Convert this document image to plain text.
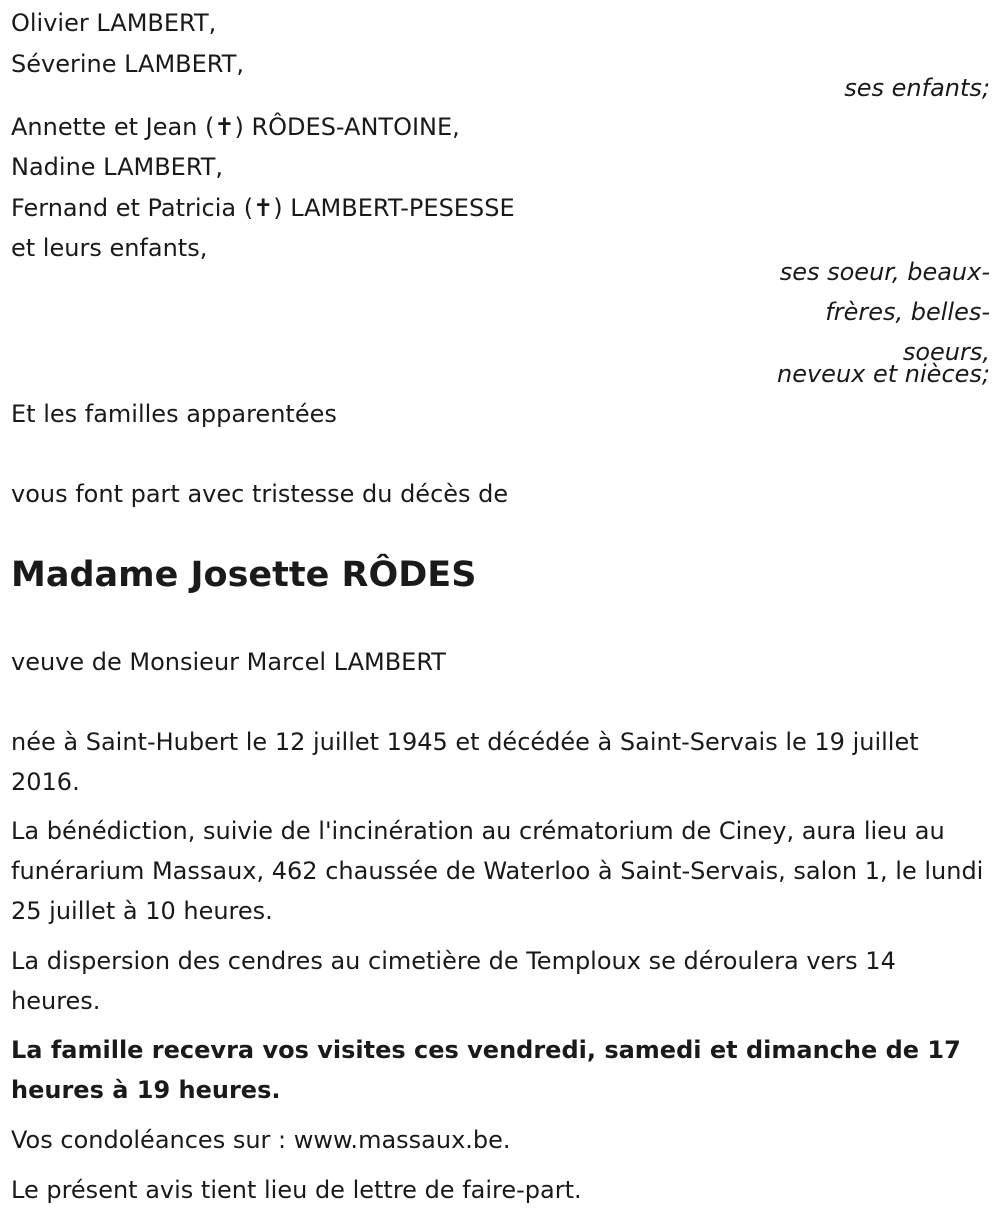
Olivier LAMBERT,
Séverine LAMBERT,
ses enfants;
Annette et Jean (✝) RÔDES-ANTOINE,
Nadine LAMBERT,
Fernand et Patricia (✝) LAMBERT-PESESSE
et leurs enfants,
ses soeur, beaux-
frères, belles-
soeurs,
neveux et nièces;
Et les familles apparentées
vous font part avec tristesse du décès de
Madame Josette RÔDES
veuve de Monsieur Marcel LAMBERT
née à Saint-Hubert le 12 juillet 1945 et décédée à Saint-Servais le 19 juillet 2016.
La bénédiction, suivie de l'incinération au crématorium de Ciney, aura lieu au funérarium Massaux, 462 chaussée de Waterloo à Saint-Servais, salon 1, le lundi 25 juillet à 10 heures.
La dispersion des cendres au cimetière de Temploux se déroulera vers 14 heures.
La famille recevra vos visites ces vendredi, samedi et dimanche de 17 heures à 19 heures.
Vos condoléances sur : www.massaux.be.
Le présent avis tient lieu de lettre de faire-part.
